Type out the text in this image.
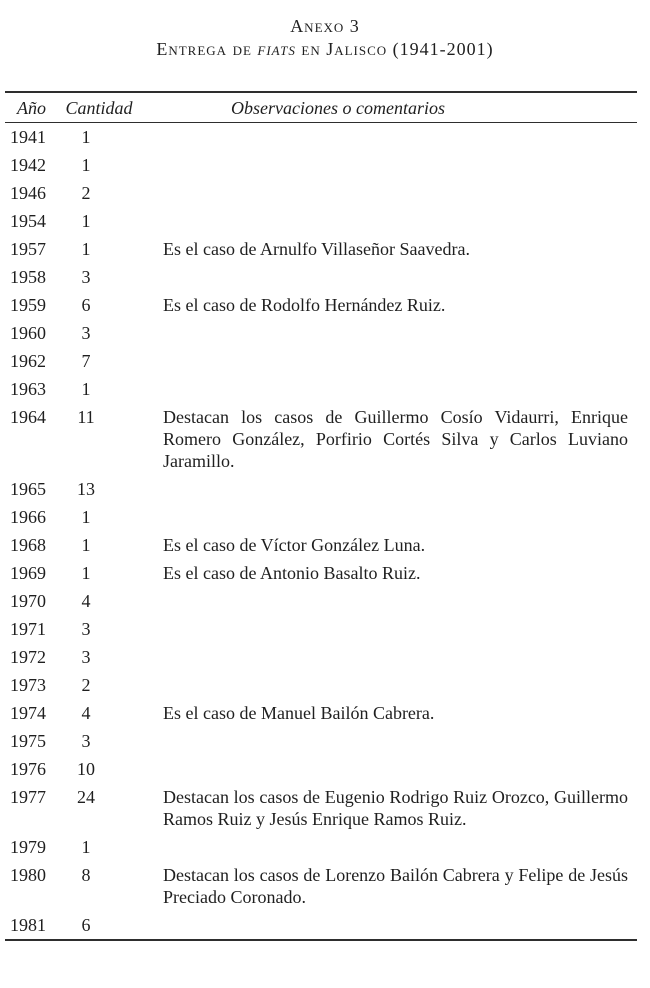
Anexo 3
Entrega de fiats en Jalisco (1941-2001)
Año	Cantidad	Observaciones o comentarios
1941	1	
1942	1	
1946	2	
1954	1	
1957	1	Es el caso de Arnulfo Villaseñor Saavedra.
1958	3	
1959	6	Es el caso de Rodolfo Hernández Ruiz.
1960	3	
1962	7	
1963	1	
1964	11	Destacan los casos de Guillermo Cosío Vidaurri, Enrique Romero González, Porfirio Cortés Silva y Carlos Luviano Jaramillo.
1965	13	
1966	1	
1968	1	Es el caso de Víctor González Luna.
1969	1	Es el caso de Antonio Basalto Ruiz.
1970	4	
1971	3	
1972	3	
1973	2	
1974	4	Es el caso de Manuel Bailón Cabrera.
1975	3	
1976	10	
1977	24	Destacan los casos de Eugenio Rodrigo Ruiz Orozco, Guillermo Ramos Ruiz y Jesús Enrique Ramos Ruiz.
1979	1	
1980	8	Destacan los casos de Lorenzo Bailón Cabrera y Felipe de Jesús Preciado Coronado.
1981	6	
